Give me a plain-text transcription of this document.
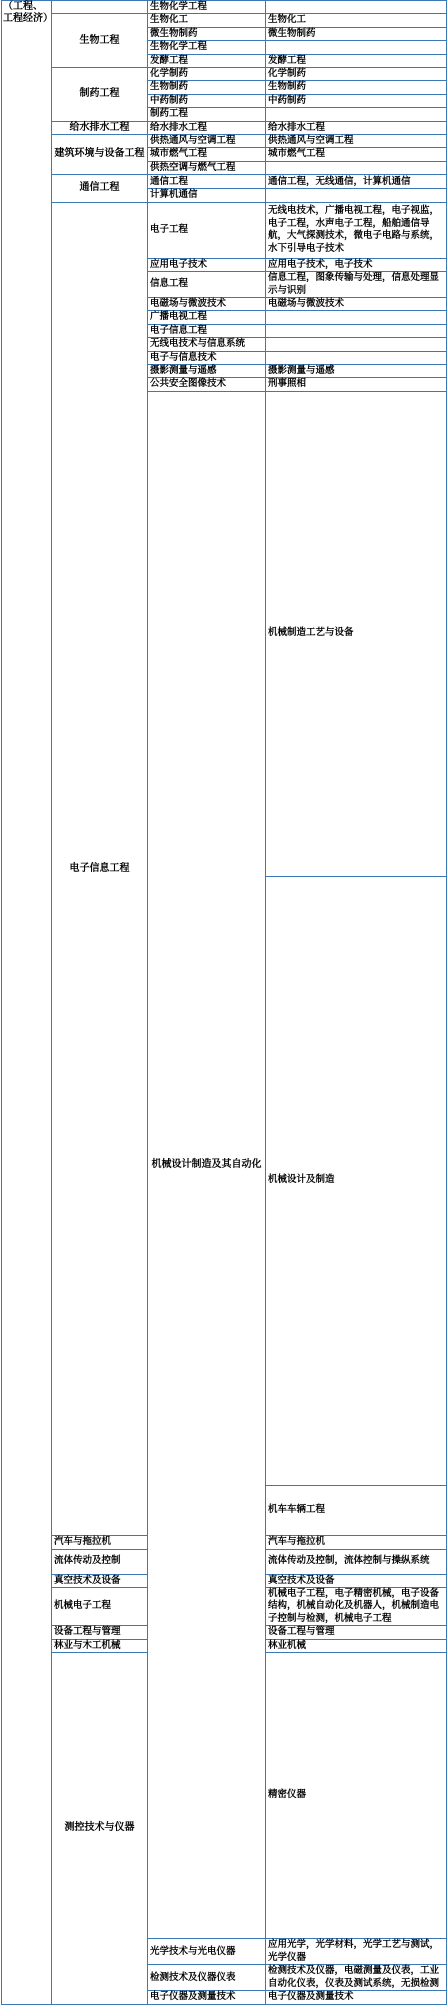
（工程、工程经济）		生物化学工程		
	生物工程	生物化工	生物化工	
		微生物制药	微生物制药	
		生物化学工程		
		发酵工程	发酵工程	
	制药工程	化学制药	化学制药	
		生物制药	生物制药	
		中药制药	中药制药	
		制药工程		
	给水排水工程	给水排水工程	给水排水工程	
	建筑环境与设备工程	供热通风与空调工程	供热通风与空调工程	
		城市燃气工程	城市燃气工程	
		供热空调与燃气工程		
	通信工程	通信工程	通信工程，无线通信，计算机通信	
		计算机通信		
	电子信息工程	电子工程	无线电技术，广播电视工程，电子视监，电子工程，水声电子工程，船舶通信导航，大气探测技术，微电子电路与系统，水下引导电子技术	
		应用电子技术	应用电子技术，电子技术	
		信息工程	信息工程，图象传输与处理，信息处理显示与识别	
		电磁场与微波技术	电磁场与微波技术	
		广播电视工程		
		电子信息工程		
		无线电技术与信息系统		
		电子与信息技术		
		摄影测量与遥感	摄影测量与遥感	
		公共安全图像技术	刑事照相	
		机械设计制造及其自动化	机械制造工艺与设备	
			机械设计及制造	
			机车车辆工程	
	汽车与拖拉机		汽车与拖拉机	
	流体传动及控制		流体传动及控制，流体控制与操纵系统	
	真空技术及设备		真空技术及设备	
	机械电子工程		机械电子工程，电子精密机械，电子设备结构，机械自动化及机器人，机械制造电子控制与检测，机械电子工程	
	设备工程与管理		设备工程与管理	
	林业与木工机械		林业机械	
	测控技术与仪器		精密仪器	
		光学技术与光电仪器	应用光学，光学材料，光学工艺与测试，光学仪器	
		检测技术及仪器仪表	检测技术及仪器，电磁测量及仪表，工业自动化仪表，仪表及测试系统，无损检测	
		电子仪器及测量技术	电子仪器及测量技术	
